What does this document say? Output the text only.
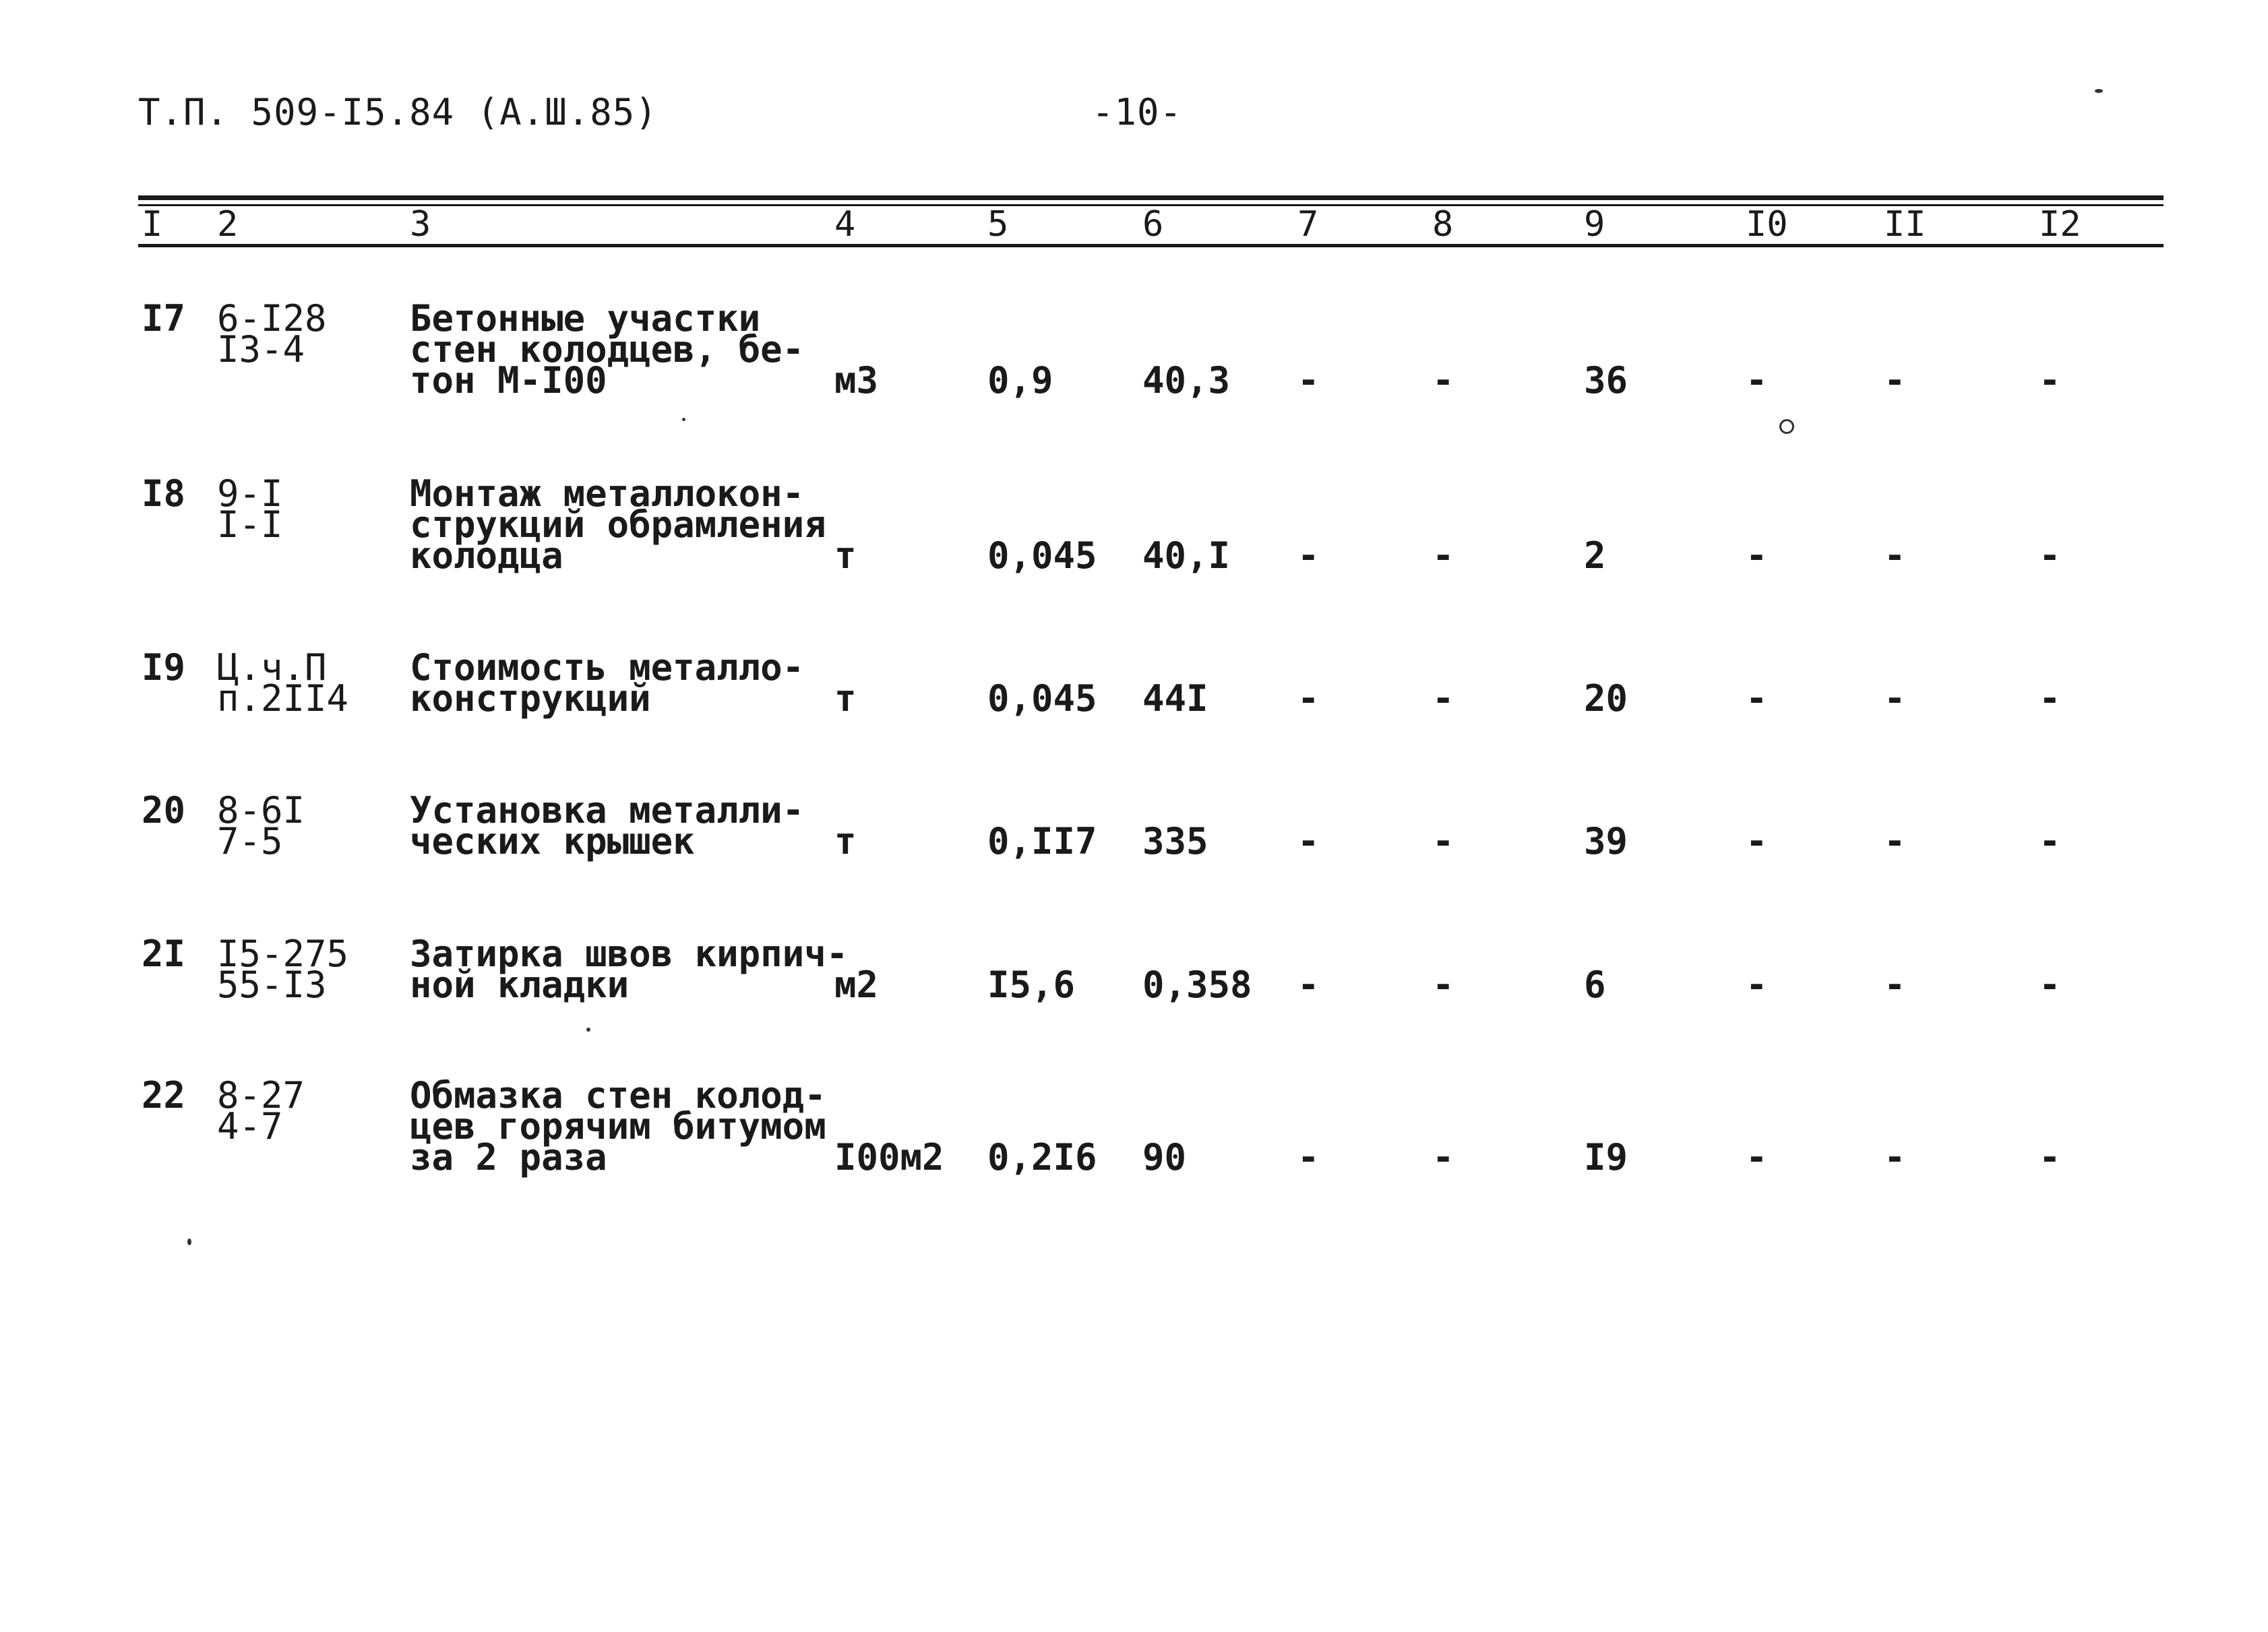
Т.П. 509-I5.84 (А.Ш.85)	-10-
I 2	3	4	5	6	7	8	9	I0	II	I2
I7 6-I28
I3-4
Бетонные участки
стен колодцев, бе-
тон М-I00	м3	0,9 40,3 -	-	36	-	-	-
I8 9-I
I-I
Монтаж металлокон-
струкций обрамления
колодца	т	0,045 40,I -	-	2	-	-	-
I9 Ц.ч.П
п.2II4
Стоимость металло-
конструкций	т	0,045 44I -	-	20	-	-	-
20 8-6I
7-5
Установка металли-
ческих крышек	т	0,II7 335 -	-	39	-	-	-
2I I5-275
55-I3
Затирка швов кирпич-
ной кладки	м2	I5,6 0,358 -	-	6	-	-	-
22 8-27
4-7
Обмазка стен колод-
цев горячим битумом
за 2 раза	I00м2 0,2I6 90	-	-	I9	-	-	-
